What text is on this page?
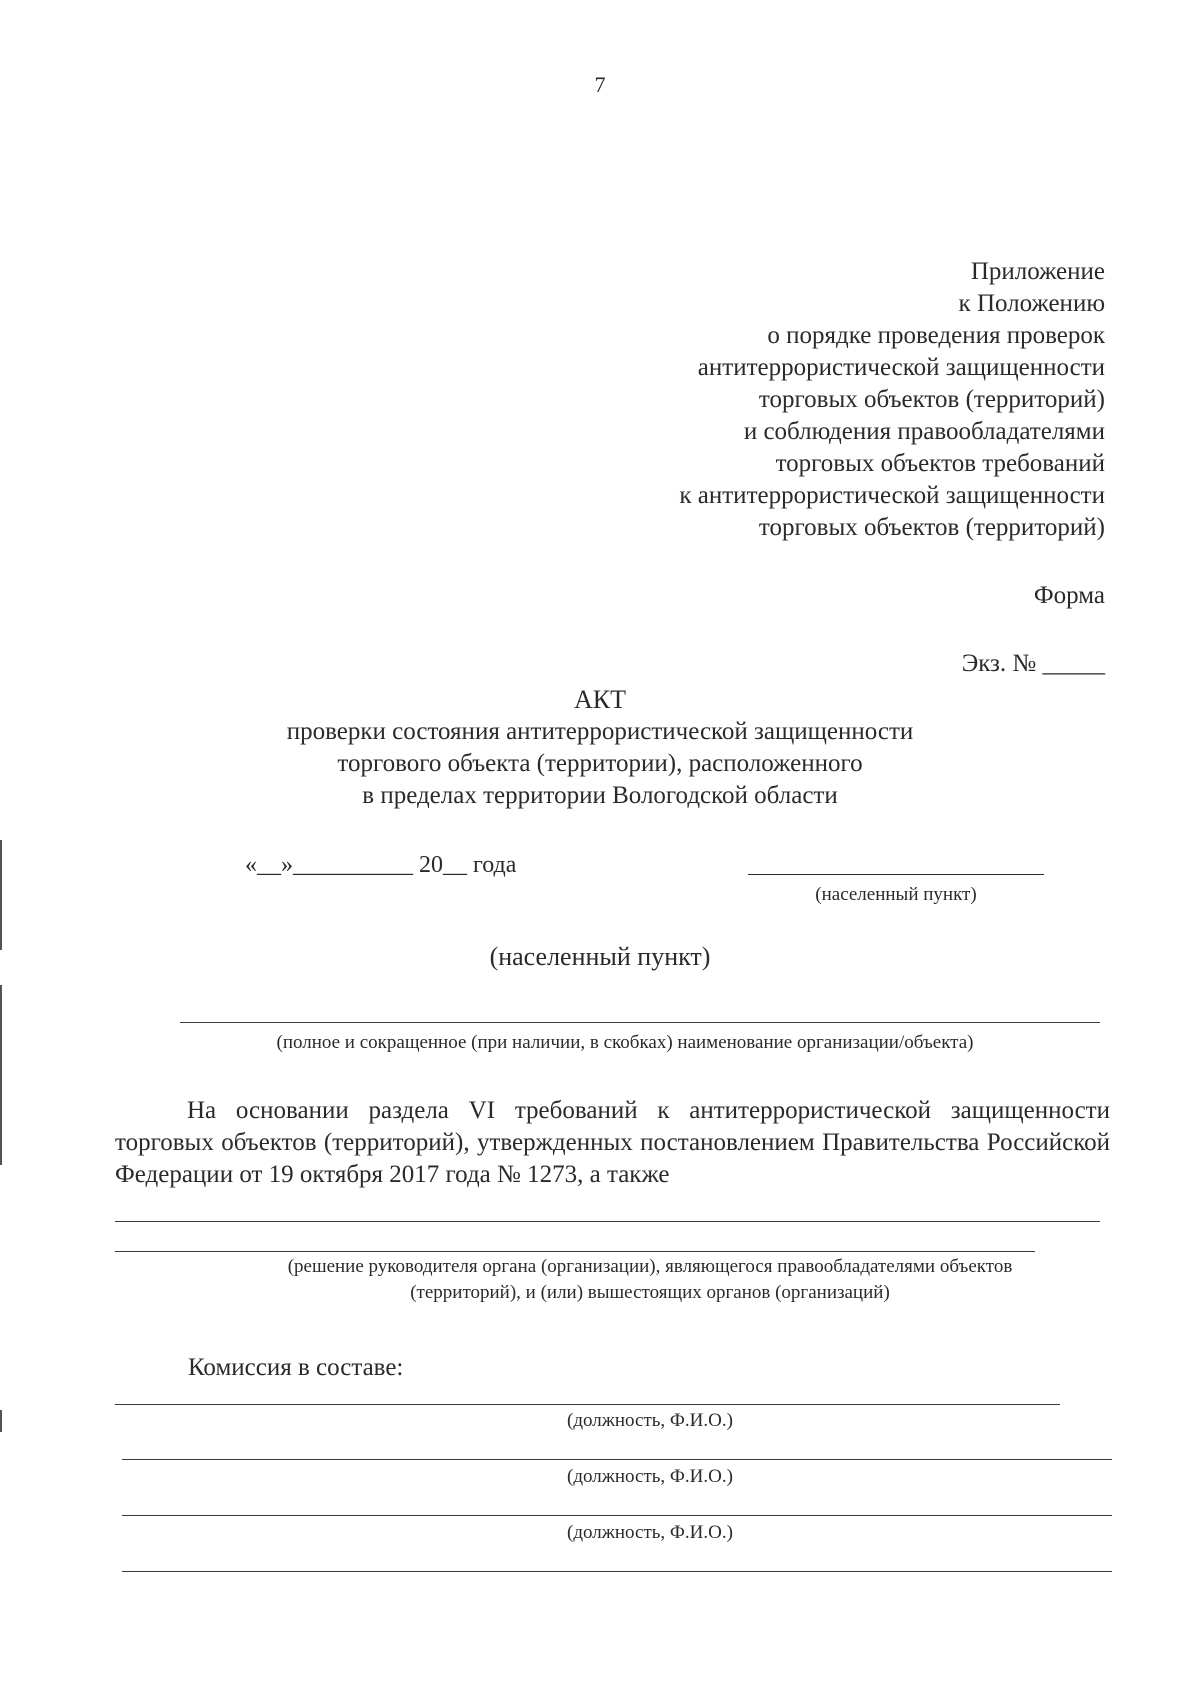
7
Приложение
к Положению
о порядке проведения проверок
антитеррористической защищенности
торговых объектов (территорий)
и соблюдения правообладателями
торговых объектов требований
к антитеррористической защищенности
торговых объектов (территорий)
Форма
Экз. № _____
АКТ
проверки состояния антитеррористической защищенности
торгового объекта (территории), расположенного
в пределах территории Вологодской области
«__»__________ 20__ года
(населенный пункт)
(населенный пункт)
(полное и сокращенное (при наличии, в скобках) наименование организации/объекта)
На основании раздела VI требований к антитеррористической защищенности торговых объектов (территорий), утвержденных постановлением Правительства Российской Федерации от 19 октября 2017 года № 1273, а также
(решение руководителя органа (организации), являющегося правообладателями объектов
(территорий), и (или) вышестоящих органов (организаций)
Комиссия в составе:
(должность, Ф.И.О.)
(должность, Ф.И.О.)
(должность, Ф.И.О.)
